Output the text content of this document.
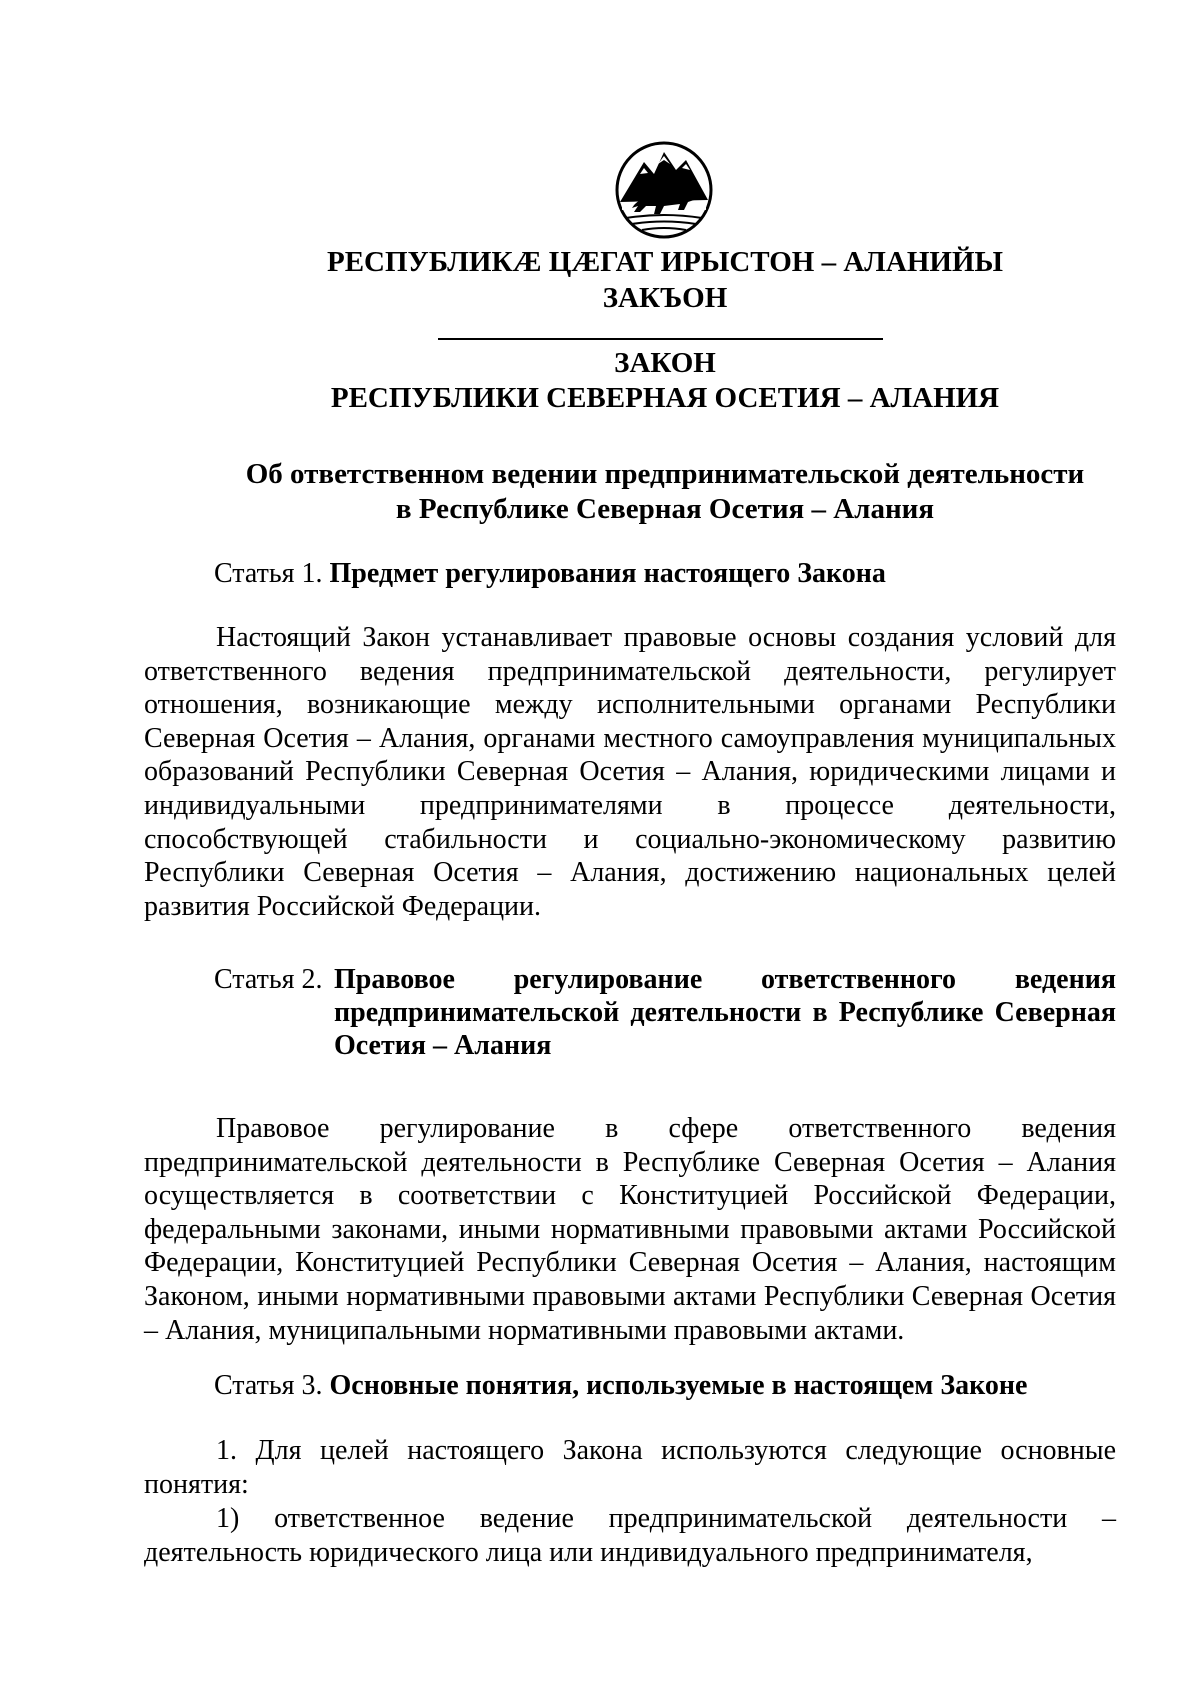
РЕСПУБЛИКÆ ЦÆГАТ ИРЫСТОН – АЛАНИЙЫ
ЗАКЪОН
ЗАКОН
РЕСПУБЛИКИ СЕВЕРНАЯ ОСЕТИЯ – АЛАНИЯ
Об ответственном ведении предпринимательской деятельности
в Республике Северная Осетия – Алания
Статья 1. Предмет регулирования настоящего Закона

Настоящий Закон устанавливает правовые основы создания условий для ответственного ведения предпринимательской деятельности, регулирует отношения, возникающие между исполнительными органами Республики Северная Осетия – Алания, органами местного самоуправления муниципальных образований Республики Северная Осетия – Алания, юридическими лицами и индивидуальными предпринимателями в процессе деятельности, способствующей стабильности и социально-экономическому развитию Республики Северная Осетия – Алания, достижению национальных целей развития Российской Федерации.

Статья 2. Правовое регулирование ответственного ведения предпринимательской деятельности в Республике Северная Осетия – Алания

Правовое регулирование в сфере ответственного ведения предпринимательской деятельности в Республике Северная Осетия – Алания осуществляется в соответствии с Конституцией Российской Федерации, федеральными законами, иными нормативными правовыми актами Российской Федерации, Конституцией Республики Северная Осетия – Алания, настоящим Законом, иными нормативными правовыми актами Республики Северная Осетия – Алания, муниципальными нормативными правовыми актами.

Статья 3. Основные понятия, используемые в настоящем Законе

1. Для целей настоящего Закона используются следующие основные понятия:

1) ответственное ведение предпринимательской деятельности – деятельность юридического лица или индивидуального предпринимателя,
